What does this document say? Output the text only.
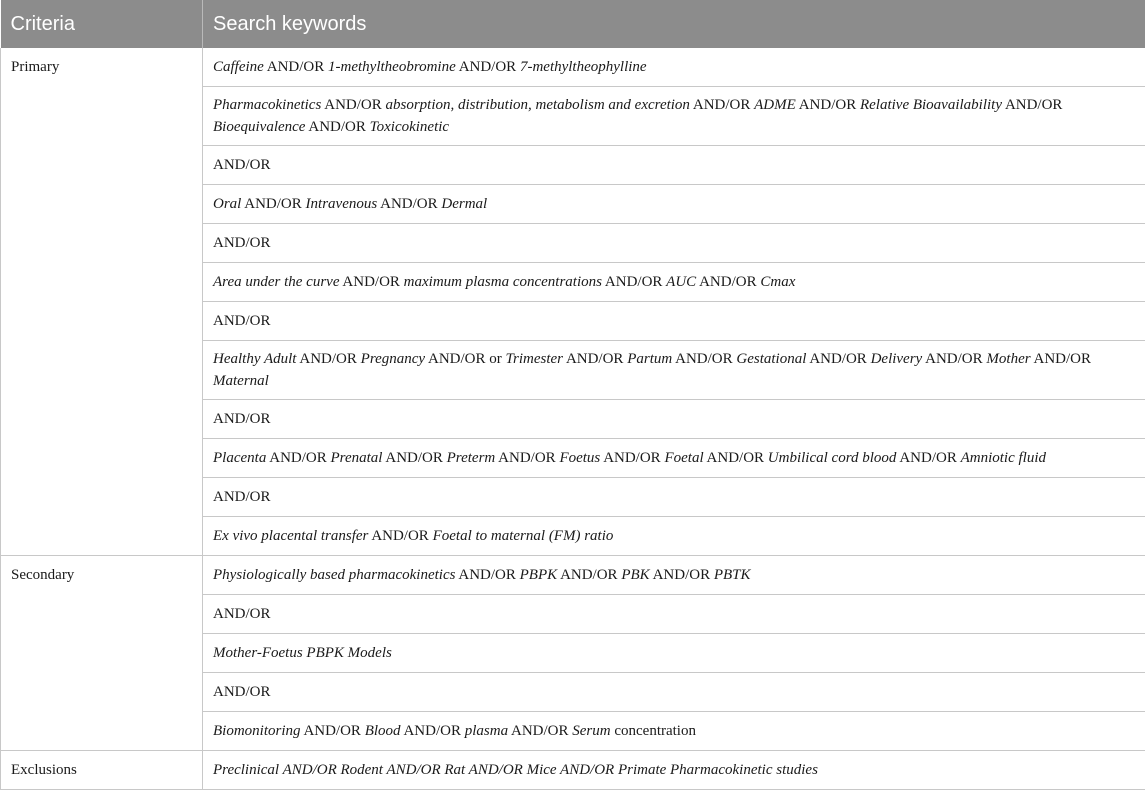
Criteria	Search keywords
Primary	Caffeine AND/OR 1-methyltheobromine AND/OR 7-methyltheophylline
	Pharmacokinetics AND/OR absorption, distribution, metabolism and excretion AND/OR ADME AND/OR Relative Bioavailability AND/OR Bioequivalence AND/OR Toxicokinetic
	AND/OR
	Oral AND/OR Intravenous AND/OR Dermal
	AND/OR
	Area under the curve AND/OR maximum plasma concentrations AND/OR AUC AND/OR Cmax
	AND/OR
	Healthy Adult AND/OR Pregnancy AND/OR or Trimester AND/OR Partum AND/OR Gestational AND/OR Delivery AND/OR Mother AND/OR Maternal
	AND/OR
	Placenta AND/OR Prenatal AND/OR Preterm AND/OR Foetus AND/OR Foetal AND/OR Umbilical cord blood AND/OR Amniotic fluid
	AND/OR
	Ex vivo placental transfer AND/OR Foetal to maternal (FM) ratio
Secondary	Physiologically based pharmacokinetics AND/OR PBPK AND/OR PBK AND/OR PBTK
	AND/OR
	Mother-Foetus PBPK Models
	AND/OR
	Biomonitoring AND/OR Blood AND/OR plasma AND/OR Serum concentration
Exclusions	Preclinical AND/OR Rodent AND/OR Rat AND/OR Mice AND/OR Primate Pharmacokinetic studies
